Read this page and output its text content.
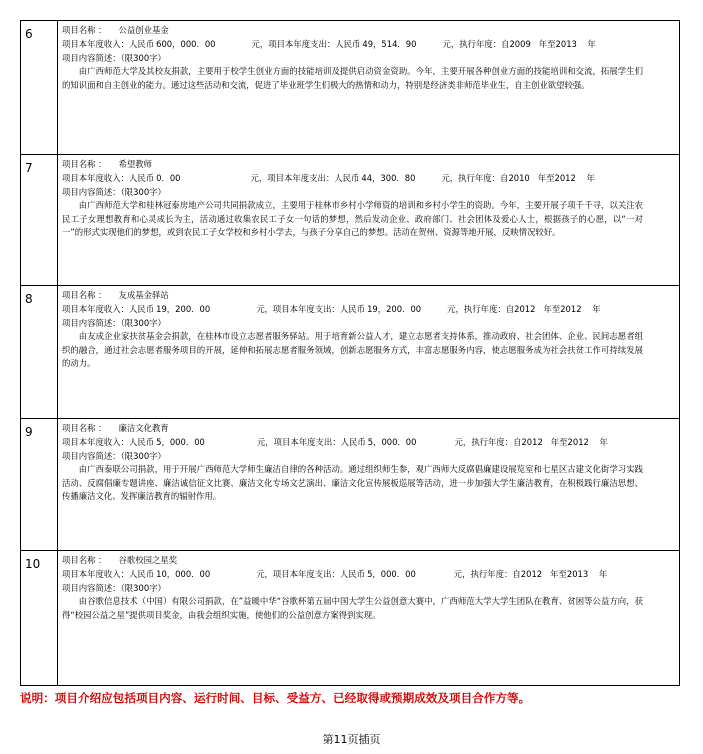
6	项目名称 ： 公益创业基金
项目本年度收入：人民币 600，000．00	元，项目本年度支出：人民币 49，514．90	元，执行年度：自2009 年至2013 年
项目内容简述：（限300字）
由广西师范大学及其校友捐款，主要用于校学生创业方面的技能培训及提供启动资金资助。今年，主要开展各种创业方面的技能培训和交流，拓展学生们的知识面和自主创业的能力。通过这些活动和交流，促进了毕业班学生们极大的热情和动力，特别是经济类非师范毕业生，自主创业欲望较强。
7	项目名称 ： 希望教师
项目本年度收入：人民币 0．00	元，项目本年度支出：人民币 44，300．80	元，执行年度：自2010 年至2012 年
项目内容简述：（限300字）
由广西师范大学和桂林冠泰房地产公司共同捐款成立，主要用于桂林市乡村小学师资的培训和乡村小学生的资助。今年，主要开展子项千千寻，以关注农民工子女理想教育和心灵成长为主，活动通过收集农民工子女一句话的梦想，然后发动企业、政府部门、社会团体及爱心人士，根据孩子的心愿，以“一对一”的形式实现他们的梦想，或到农民工子女学校和乡村小学去，与孩子分享自己的梦想。活动在贺州、资源等地开展，反映情况较好。
8	项目名称 ： 友成基金驿站
项目本年度收入：人民币 19，200．00	元，项目本年度支出：人民币 19，200．00	元，执行年度：自2012 年至2012 年
项目内容简述：（限300字）
由友成企业家扶贫基金会捐款，在桂林市设立志愿者服务驿站。用于培育新公益人才，建立志愿者支持体系，推动政府、社会团体、企业、民间志愿者组织的融合，通过社会志愿者服务项目的开展，延伸和拓展志愿者服务领域，创新志愿服务方式，丰富志愿服务内容，使志愿服务成为社会扶贫工作可持续发展的动力。
9	项目名称 ： 廉洁文化教育
项目本年度收入：人民币 5，000．00	元，项目本年度支出：人民币 5，000．00	元，执行年度：自2012 年至2012 年
项目内容简述：（限300字）
由广西泰联公司捐款，用于开展广西师范大学师生廉洁自律的各种活动。通过组织师生参，观广西师大反腐倡廉建设展览室和七星区古建文化街学习实践活动、反腐倡廉专题讲座、廉洁诚信征文比赛、廉洁文化专场文艺演出、廉洁文化宣传展板巡展等活动，进一步加强大学生廉洁教育，在积极践行廉洁思想、传播廉洁文化、发挥廉洁教育的辐射作用。
10	项目名称 ： 谷歌校园之星奖
项目本年度收入：人民币 10，000．00	元，项目本年度支出：人民币 5，000．00	元，执行年度：自2012 年至2013 年
项目内容简述：（限300字）
由谷歌信息技术（中国）有限公司捐款，在”益暖中华“谷歌杯第五届中国大学生公益创意大赛中，广西师范大学大学生团队在教育、贫困等公益方向，获得“校园公益之星”提供项目奖金，由我会组织实施，使他们的公益创意方案得到实现。
说明：项目介绍应包括项目内容、运行时间、目标、受益方、已经取得或预期成效及项目合作方等。
第11页插页
